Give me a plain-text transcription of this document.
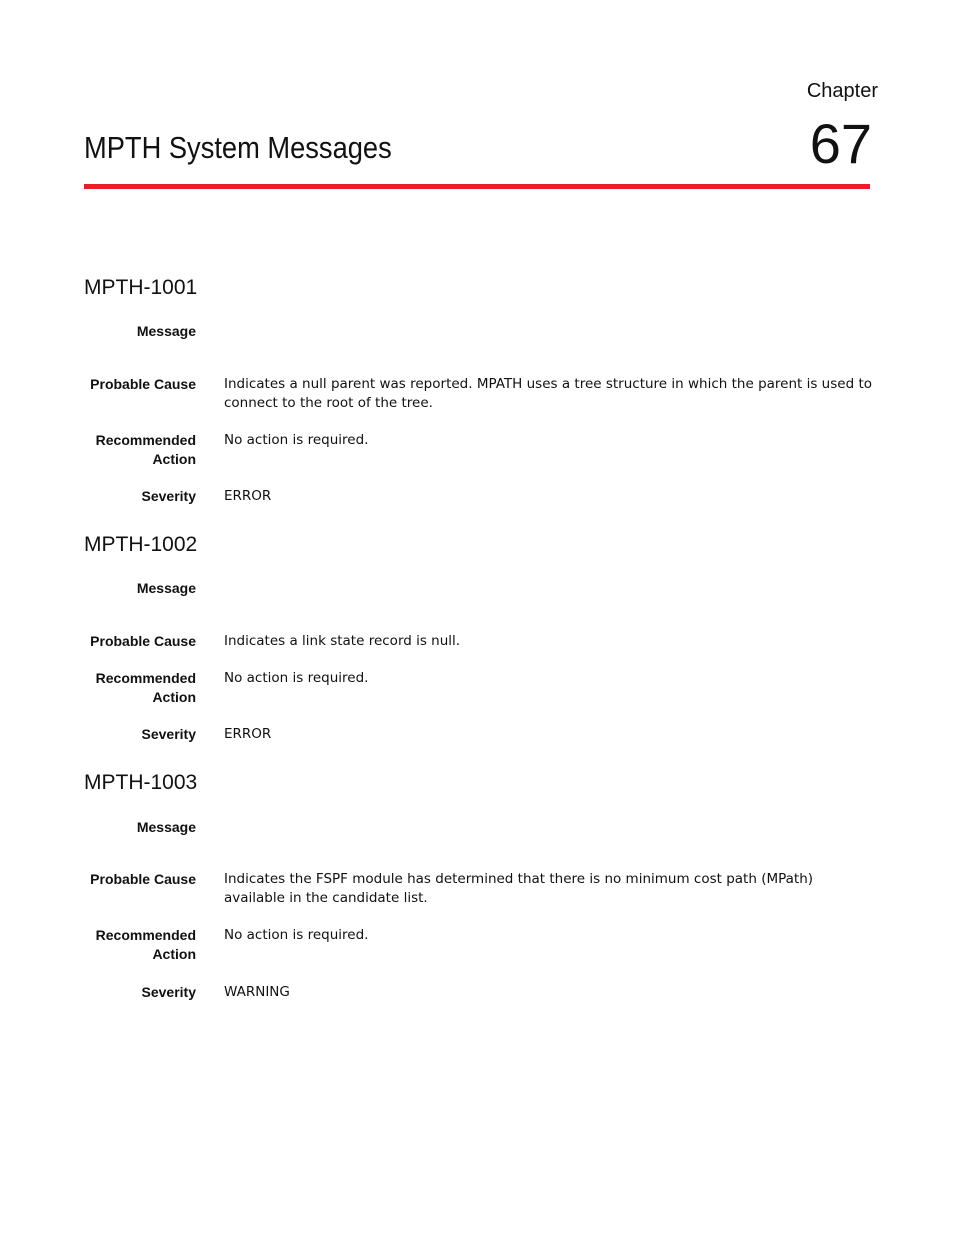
Chapter
67
MPTH System Messages
MPTH-1001
Message
Probable Cause Indicates a null parent was reported. MPATH uses a tree structure in which the parent is used to connect to the root of the tree.
Recommended
Action
No action is required.
Severity ERROR
MPTH-1002
Message
Probable Cause Indicates a link state record is null.
Recommended
Action
No action is required.
Severity ERROR
MPTH-1003
Message
Probable Cause Indicates the FSPF module has determined that there is no minimum cost path (MPath) available in the candidate list.
Recommended
Action
No action is required.
Severity WARNING
